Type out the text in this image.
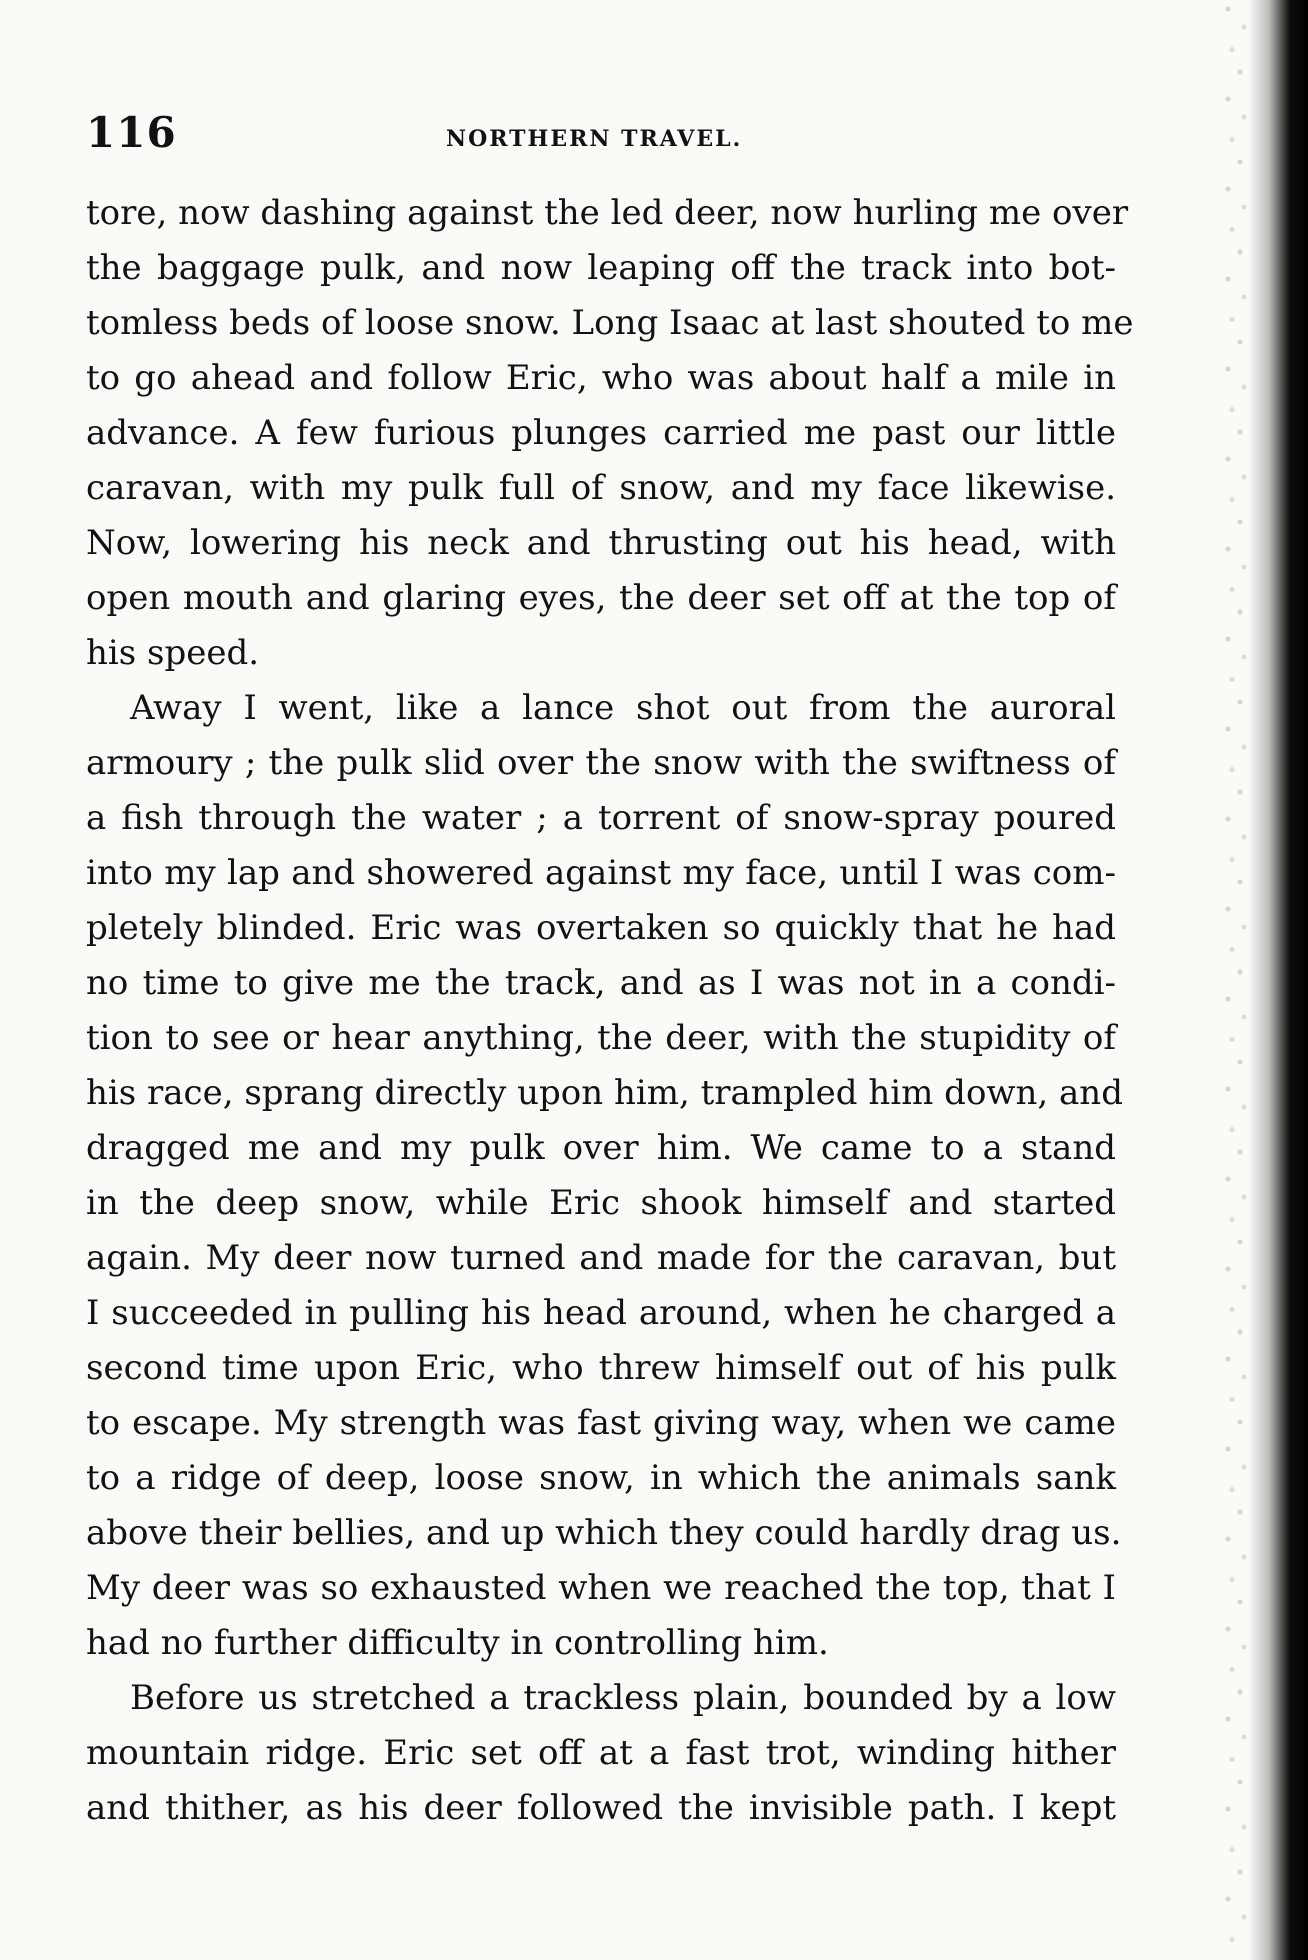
116	NORTHERN TRAVEL.

tore, now dashing against the led deer, now hurling me over
the baggage pulk, and now leaping off the track into bot-
tomless beds of loose snow. Long Isaac at last shouted to me
to go ahead and follow Eric, who was about half a mile in
advance. A few furious plunges carried me past our little
caravan, with my pulk full of snow, and my face likewise.
Now, lowering his neck and thrusting out his head, with
open mouth and glaring eyes, the deer set off at the top of
his speed.

Away I went, like a lance shot out from the auroral
armoury ; the pulk slid over the snow with the swiftness of
a fish through the water ; a torrent of snow-spray poured
into my lap and showered against my face, until I was com-
pletely blinded. Eric was overtaken so quickly that he had
no time to give me the track, and as I was not in a condi-
tion to see or hear anything, the deer, with the stupidity of
his race, sprang directly upon him, trampled him down, and
dragged me and my pulk over him. We came to a stand
in the deep snow, while Eric shook himself and started
again. My deer now turned and made for the caravan, but
I succeeded in pulling his head around, when he charged a
second time upon Eric, who threw himself out of his pulk
to escape. My strength was fast giving way, when we came
to a ridge of deep, loose snow, in which the animals sank
above their bellies, and up which they could hardly drag us.
My deer was so exhausted when we reached the top, that I
had no further difficulty in controlling him.

Before us stretched a trackless plain, bounded by a low
mountain ridge. Eric set off at a fast trot, winding hither
and thither, as his deer followed the invisible path. I kept
